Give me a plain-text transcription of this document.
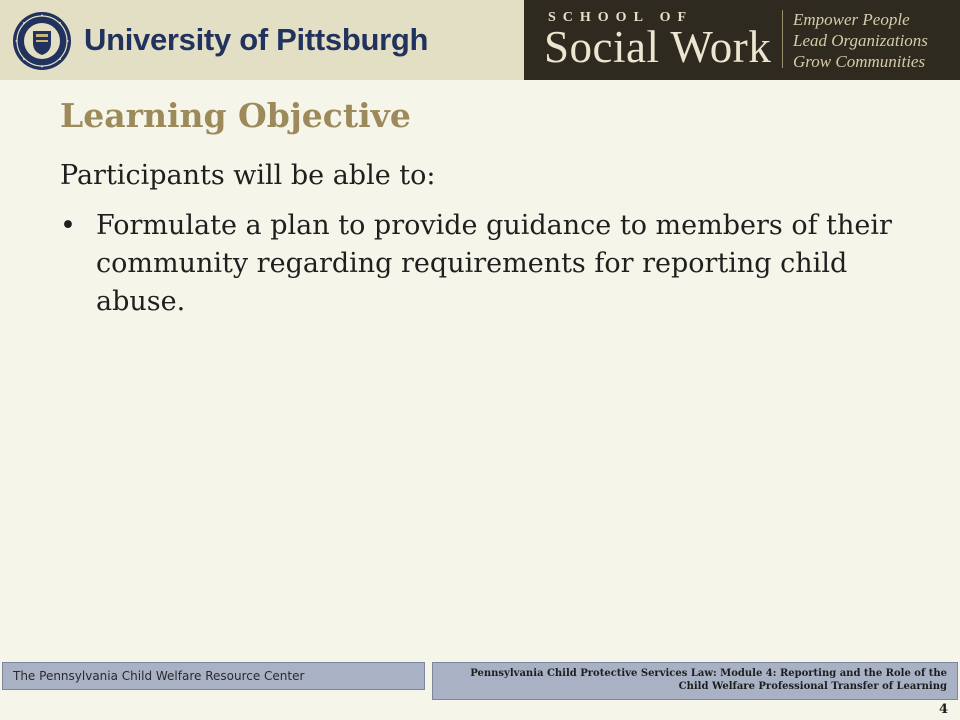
University of Pittsburgh
SCHOOL OF
Social Work
Empower People
Lead Organizations
Grow Communities
Learning Objective
Participants will be able to:
• Formulate a plan to provide guidance to members of their community regarding requirements for reporting child abuse.
The Pennsylvania Child Welfare Resource Center	Pennsylvania Child Protective Services Law: Module 4: Reporting and the Role of the Child Welfare Professional Transfer of Learning
4
